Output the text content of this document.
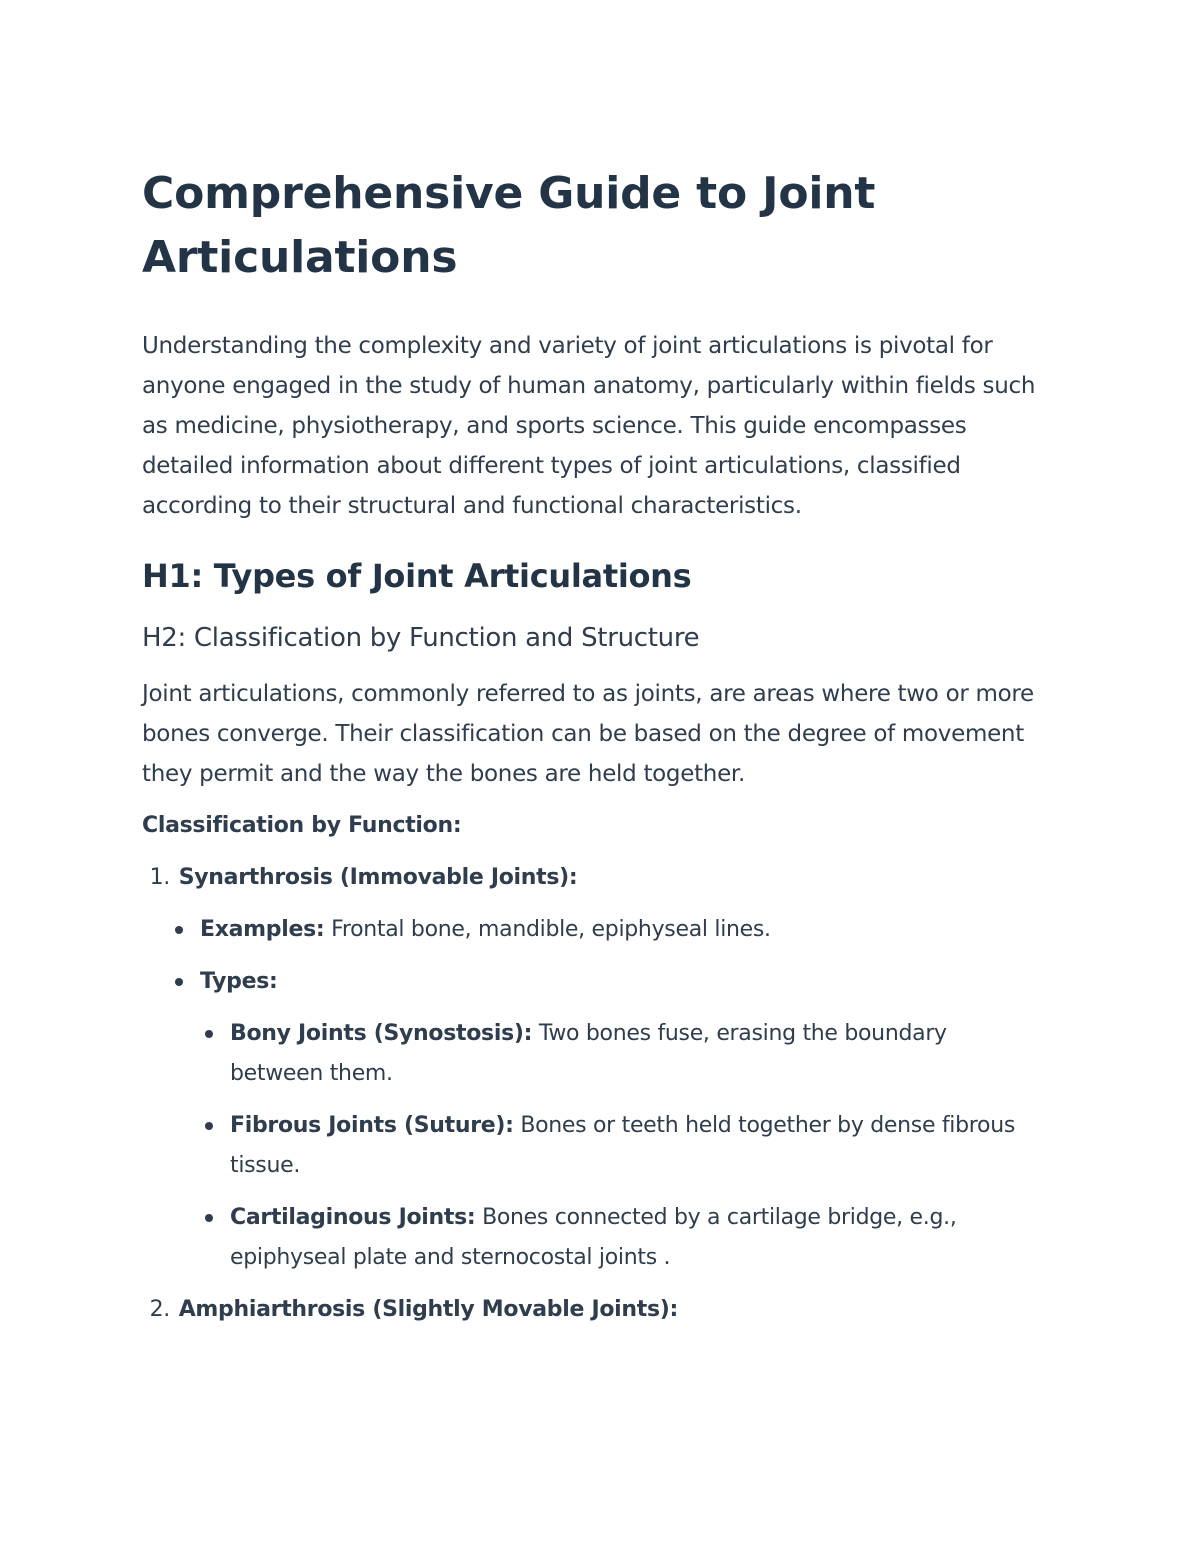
Comprehensive Guide to Joint Articulations

Understanding the complexity and variety of joint articulations is pivotal for anyone engaged in the study of human anatomy, particularly within fields such as medicine, physiotherapy, and sports science. This guide encompasses detailed information about different types of joint articulations, classified according to their structural and functional characteristics.

H1: Types of Joint Articulations
H2: Classification by Function and Structure

Joint articulations, commonly referred to as joints, are areas where two or more bones converge. Their classification can be based on the degree of movement they permit and the way the bones are held together.

Classification by Function:
1. Synarthrosis (Immovable Joints):
Examples: Frontal bone, mandible, epiphyseal lines.
Types:
Bony Joints (Synostosis): Two bones fuse, erasing the boundary between them.
Fibrous Joints (Suture): Bones or teeth held together by dense fibrous tissue.
Cartilaginous Joints: Bones connected by a cartilage bridge, e.g., epiphyseal plate and sternocostal joints .
2. Amphiarthrosis (Slightly Movable Joints):
